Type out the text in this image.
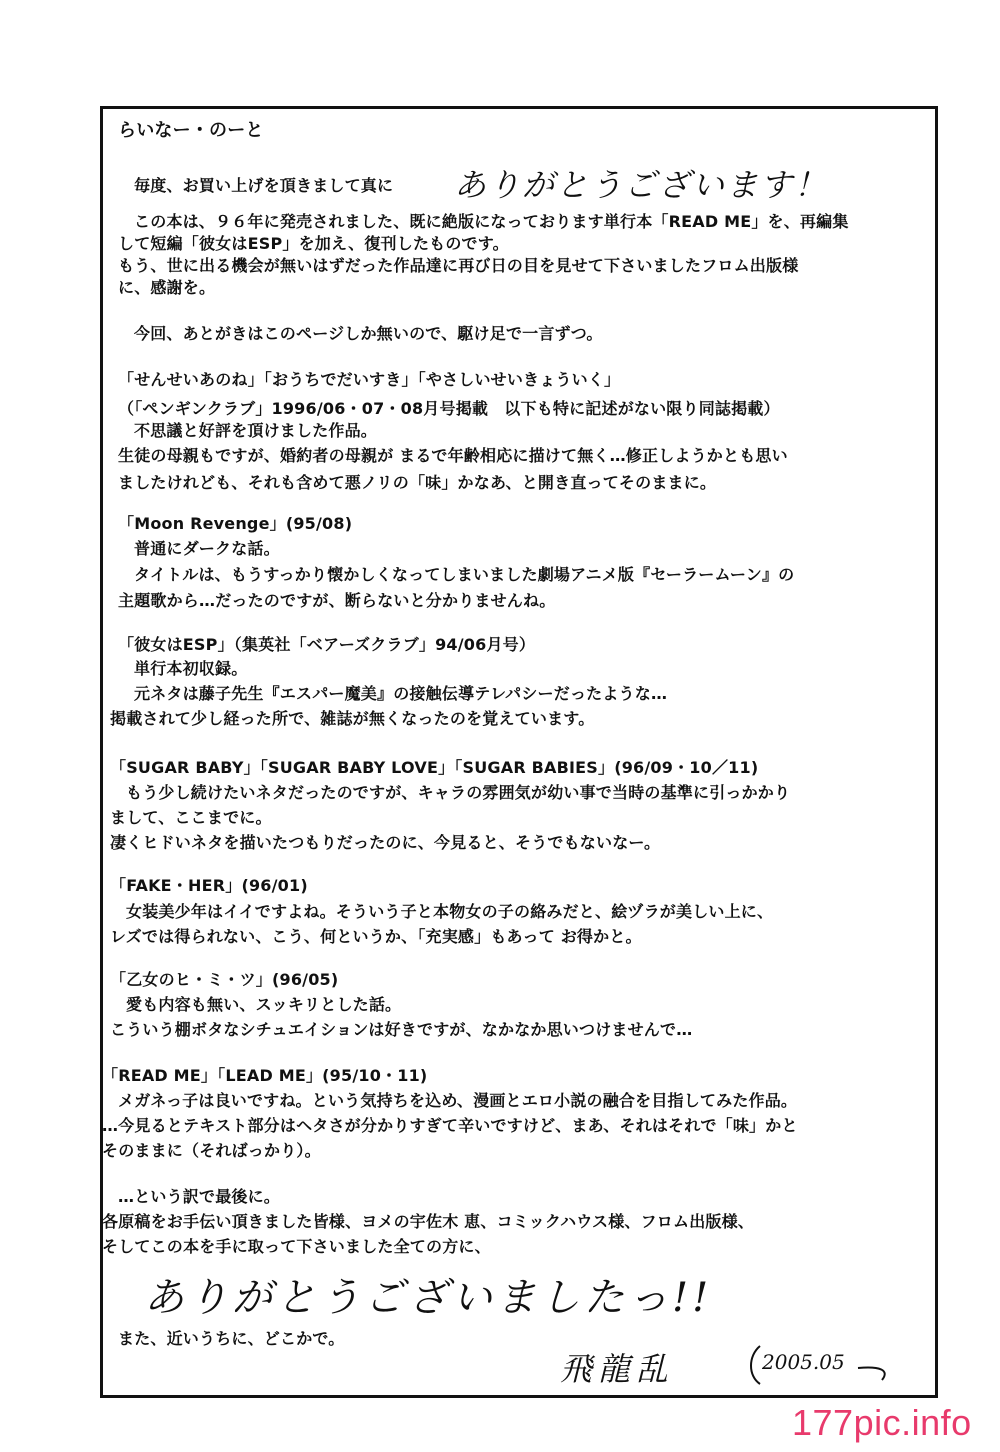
らいなー・のーと
毎度、お買い上げを頂きまして真に ありがとうございます！
この本は、９６年に発売されました、既に絶版になっております単行本「READ ME」を、再編集
して短編「彼女はESP」を加え、復刊したものです。
もう、世に出る機会が無いはずだった作品達に再び日の目を見せて下さいましたフロム出版様
に、感謝を。
今回、あとがきはこのページしか無いので、駆け足で一言ずつ。
「せんせいあのね」「おうちでだいすき」「やさしいせいきょういく」
（「ペンギンクラブ」1996/06・07・08月号掲載　以下も特に記述がない限り同誌掲載）
不思議と好評を頂けました作品。
生徒の母親もですが、婚約者の母親が まるで年齢相応に描けて無く…修正しようかとも思い
ましたけれども、それも含めて悪ノリの「味」かなあ、と開き直ってそのままに。
「Moon Revenge」(95/08)
普通にダークな話。
タイトルは、もうすっかり懐かしくなってしまいました劇場アニメ版『セーラームーン』の
主題歌から…だったのですが、断らないと分かりませんね。
「彼女はESP」（集英社「ベアーズクラブ」94/06月号）
単行本初収録。
元ネタは藤子先生『エスパー魔美』の接触伝導テレパシーだったような…
掲載されて少し経った所で、雑誌が無くなったのを覚えています。
「SUGAR BABY」「SUGAR BABY LOVE」「SUGAR BABIES」(96/09・10／11)
もう少し続けたいネタだったのですが、キャラの雰囲気が幼い事で当時の基準に引っかかり
まして、ここまでに。
凄くヒドいネタを描いたつもりだったのに、今見ると、そうでもないなー。
「FAKE・HER」(96/01)
女装美少年はイイですよね。そういう子と本物女の子の絡みだと、絵ヅラが美しい上に、
レズでは得られない、こう、何というか、「充実感」もあって お得かと。
「乙女のヒ・ミ・ツ」(96/05)
愛も内容も無い、スッキリとした話。
こういう棚ボタなシチュエイションは好きですが、なかなか思いつけませんで…
「READ ME」「LEAD ME」(95/10・11)
メガネっ子は良いですね。という気持ちを込め、漫画とエロ小説の融合を目指してみた作品。
…今見るとテキスト部分はヘタさが分かりすぎて辛いですけど、まあ、それはそれで「味」かと
そのままに（そればっかり）。
…という訳で最後に。
各原稿をお手伝い頂きました皆様、ヨメの宇佐木 恵、コミックハウス様、フロム出版様、
そしてこの本を手に取って下さいました全ての方に、
ありがとうございましたっ!!
また、近いうちに、どこかで。
飛龍乱	2005.05
177pic.info
